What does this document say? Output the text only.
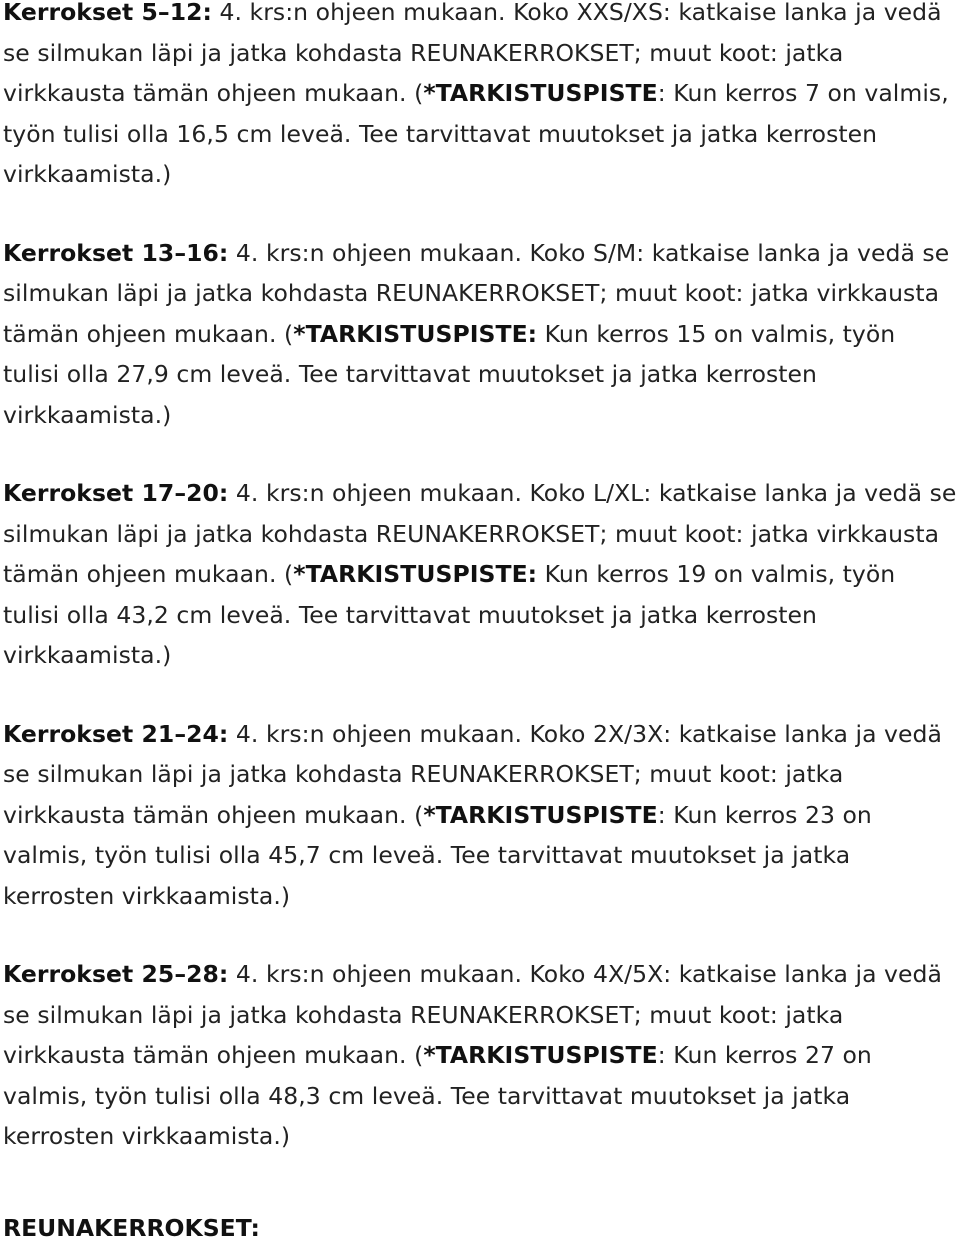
Kerrokset 5–12: 4. krs:n ohjeen mukaan. Koko XXS/XS: katkaise lanka ja vedä se silmukan läpi ja jatka kohdasta REUNAKERROKSET; muut koot: jatka virkkausta tämän ohjeen mukaan. (*TARKISTUSPISTE: Kun kerros 7 on valmis, työn tulisi olla 16,5 cm leveä. Tee tarvittavat muutokset ja jatka kerrosten virkkaamista.)

Kerrokset 13–16: 4. krs:n ohjeen mukaan. Koko S/M: katkaise lanka ja vedä se silmukan läpi ja jatka kohdasta REUNAKERROKSET; muut koot: jatka virkkausta tämän ohjeen mukaan. (*TARKISTUSPISTE: Kun kerros 15 on valmis, työn tulisi olla 27,9 cm leveä. Tee tarvittavat muutokset ja jatka kerrosten virkkaamista.)

Kerrokset 17–20: 4. krs:n ohjeen mukaan. Koko L/XL: katkaise lanka ja vedä se silmukan läpi ja jatka kohdasta REUNAKERROKSET; muut koot: jatka virkkausta tämän ohjeen mukaan. (*TARKISTUSPISTE: Kun kerros 19 on valmis, työn tulisi olla 43,2 cm leveä. Tee tarvittavat muutokset ja jatka kerrosten virkkaamista.)

Kerrokset 21–24: 4. krs:n ohjeen mukaan. Koko 2X/3X: katkaise lanka ja vedä se silmukan läpi ja jatka kohdasta REUNAKERROKSET; muut koot: jatka virkkausta tämän ohjeen mukaan. (*TARKISTUSPISTE: Kun kerros 23 on valmis, työn tulisi olla 45,7 cm leveä. Tee tarvittavat muutokset ja jatka kerrosten virkkaamista.)

Kerrokset 25–28: 4. krs:n ohjeen mukaan. Koko 4X/5X: katkaise lanka ja vedä se silmukan läpi ja jatka kohdasta REUNAKERROKSET; muut koot: jatka virkkausta tämän ohjeen mukaan. (*TARKISTUSPISTE: Kun kerros 27 on valmis, työn tulisi olla 48,3 cm leveä. Tee tarvittavat muutokset ja jatka kerrosten virkkaamista.)

REUNAKERROKSET:
